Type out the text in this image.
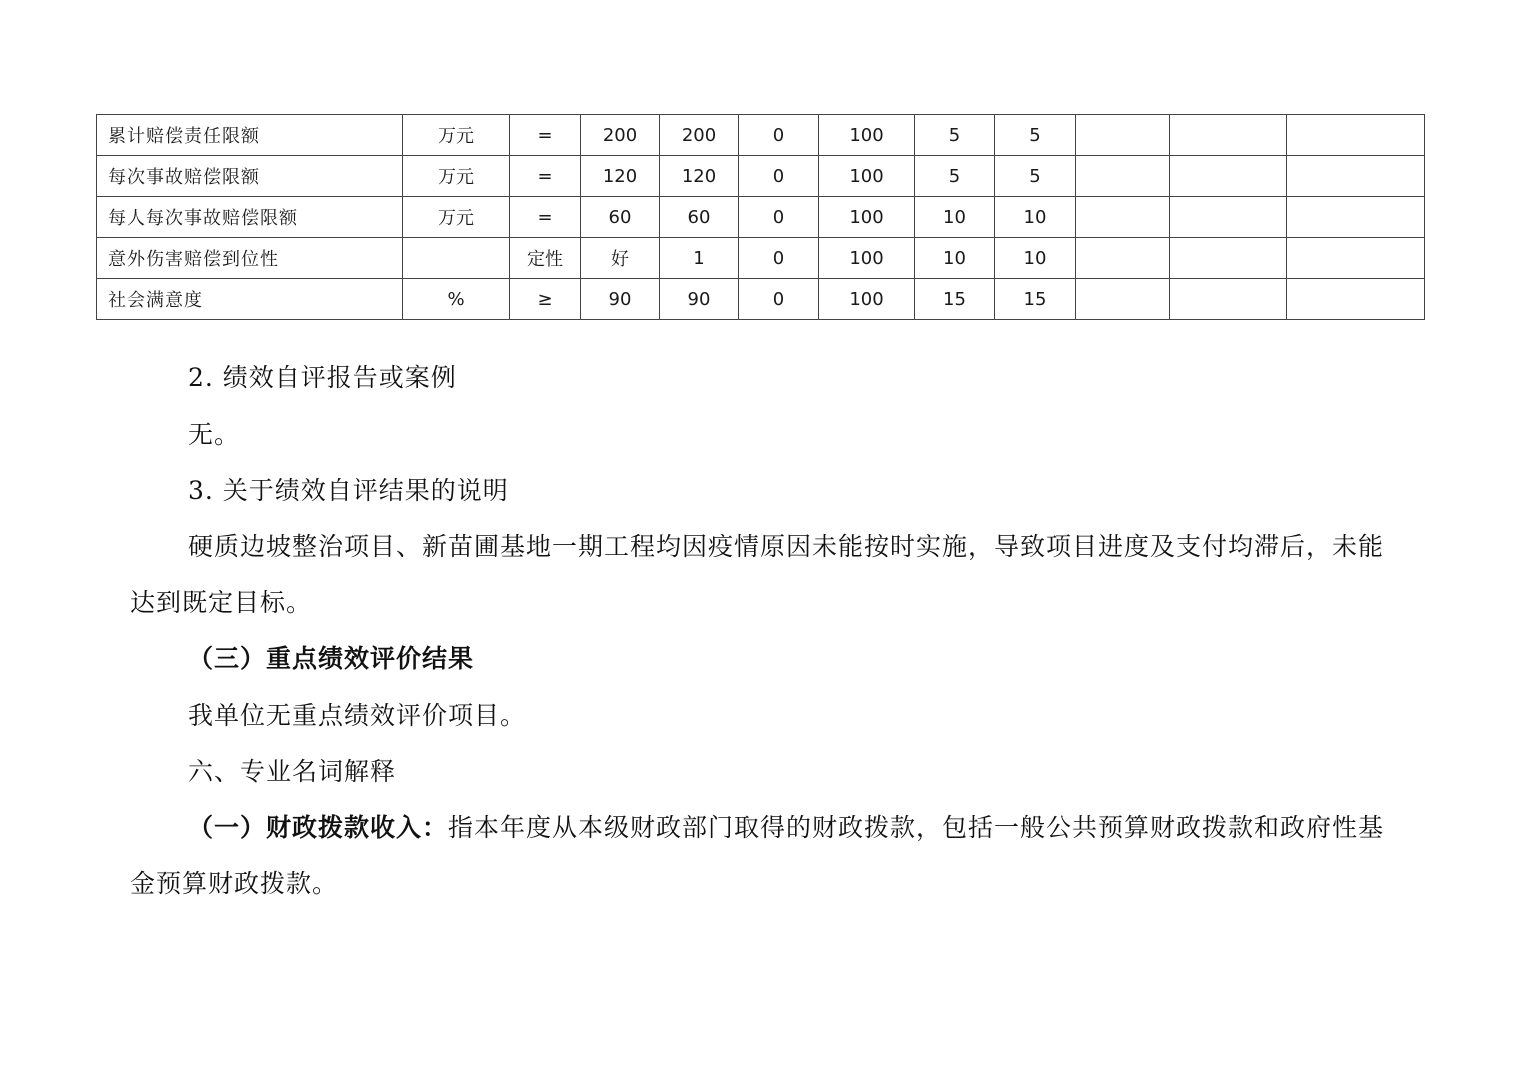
累计赔偿责任限额	万元	=	200	200	0	100	5	5			
每次事故赔偿限额	万元	=	120	120	0	100	5	5			
每人每次事故赔偿限额	万元	=	60	60	0	100	10	10			
意外伤害赔偿到位性		定性	好	1	0	100	10	10			
社会满意度	%	≥	90	90	0	100	15	15			

2. 绩效自评报告或案例

无。

3. 关于绩效自评结果的说明

硬质边坡整治项目、新苗圃基地一期工程均因疫情原因未能按时实施，导致项目进度及支付均滞后，未能达到既定目标。

（三）重点绩效评价结果

我单位无重点绩效评价项目。

六、专业名词解释

（一）财政拨款收入：指本年度从本级财政部门取得的财政拨款，包括一般公共预算财政拨款和政府性基金预算财政拨款。
